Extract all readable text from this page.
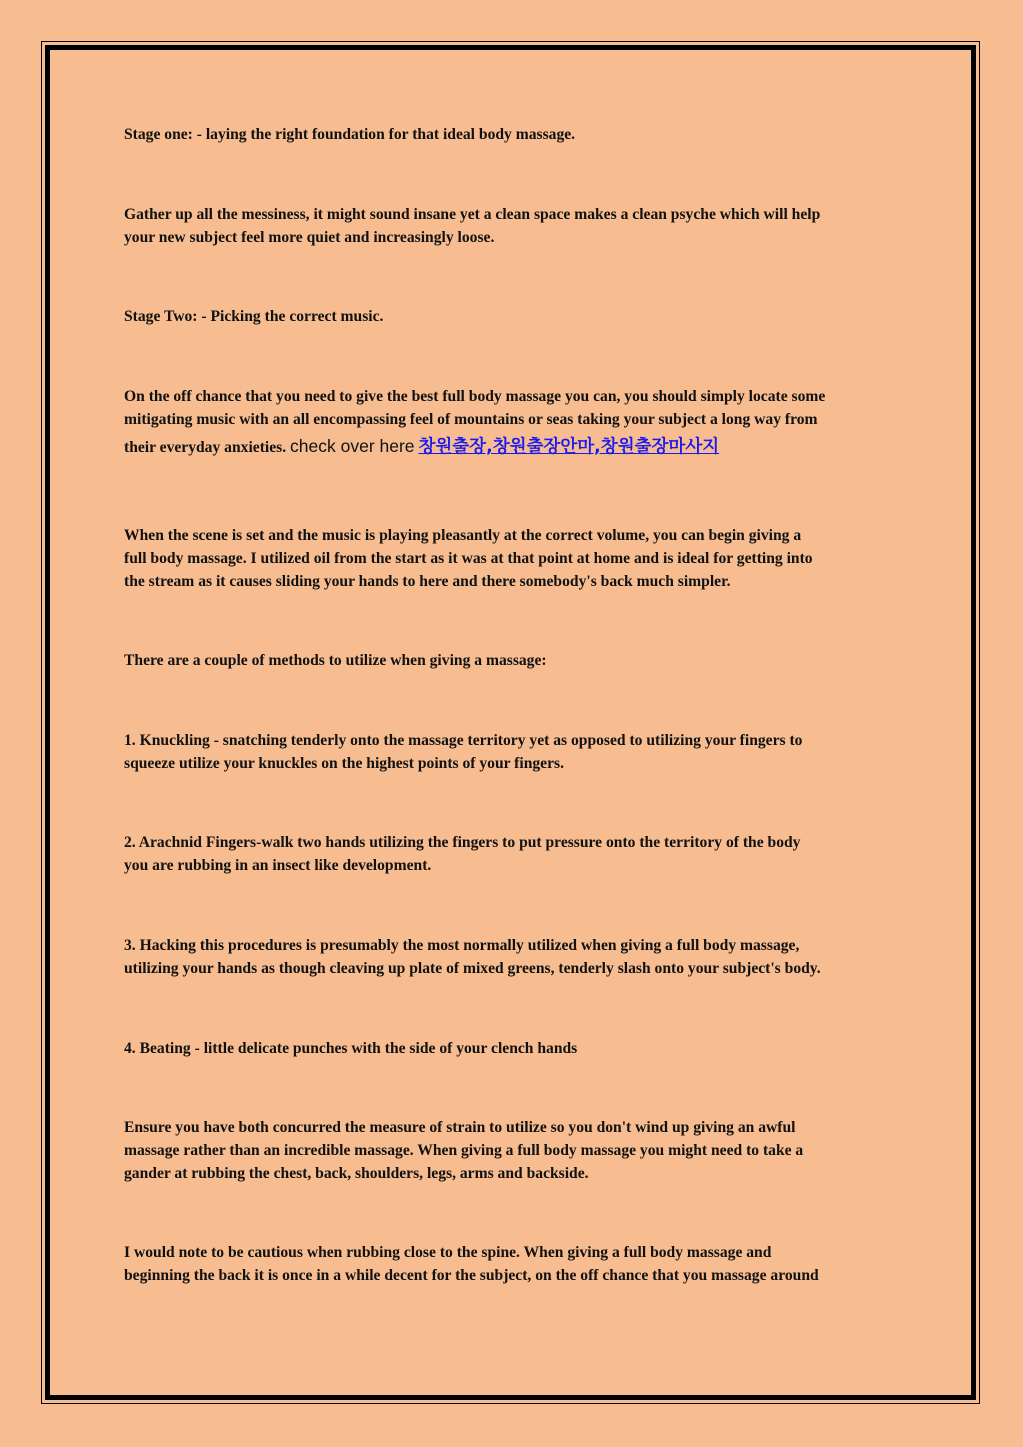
Stage one: - laying the right foundation for that ideal body massage.

Gather up all the messiness, it might sound insane yet a clean space makes a clean psyche which will help
your new subject feel more quiet and increasingly loose.

Stage Two: - Picking the correct music.

On the off chance that you need to give the best full body massage you can, you should simply locate some
mitigating music with an all encompassing feel of mountains or seas taking your subject a long way from
their everyday anxieties. check over here 창원출장,창원출장안마,창원출장마사지

When the scene is set and the music is playing pleasantly at the correct volume, you can begin giving a
full body massage. I utilized oil from the start as it was at that point at home and is ideal for getting into
the stream as it causes sliding your hands to here and there somebody's back much simpler.

There are a couple of methods to utilize when giving a massage:

1. Knuckling - snatching tenderly onto the massage territory yet as opposed to utilizing your fingers to
squeeze utilize your knuckles on the highest points of your fingers.

2. Arachnid Fingers-walk two hands utilizing the fingers to put pressure onto the territory of the body
you are rubbing in an insect like development.

3. Hacking this procedures is presumably the most normally utilized when giving a full body massage,
utilizing your hands as though cleaving up plate of mixed greens, tenderly slash onto your subject's body.

4. Beating - little delicate punches with the side of your clench hands

Ensure you have both concurred the measure of strain to utilize so you don't wind up giving an awful
massage rather than an incredible massage. When giving a full body massage you might need to take a
gander at rubbing the chest, back, shoulders, legs, arms and backside.

I would note to be cautious when rubbing close to the spine. When giving a full body massage and
beginning the back it is once in a while decent for the subject, on the off chance that you massage around
